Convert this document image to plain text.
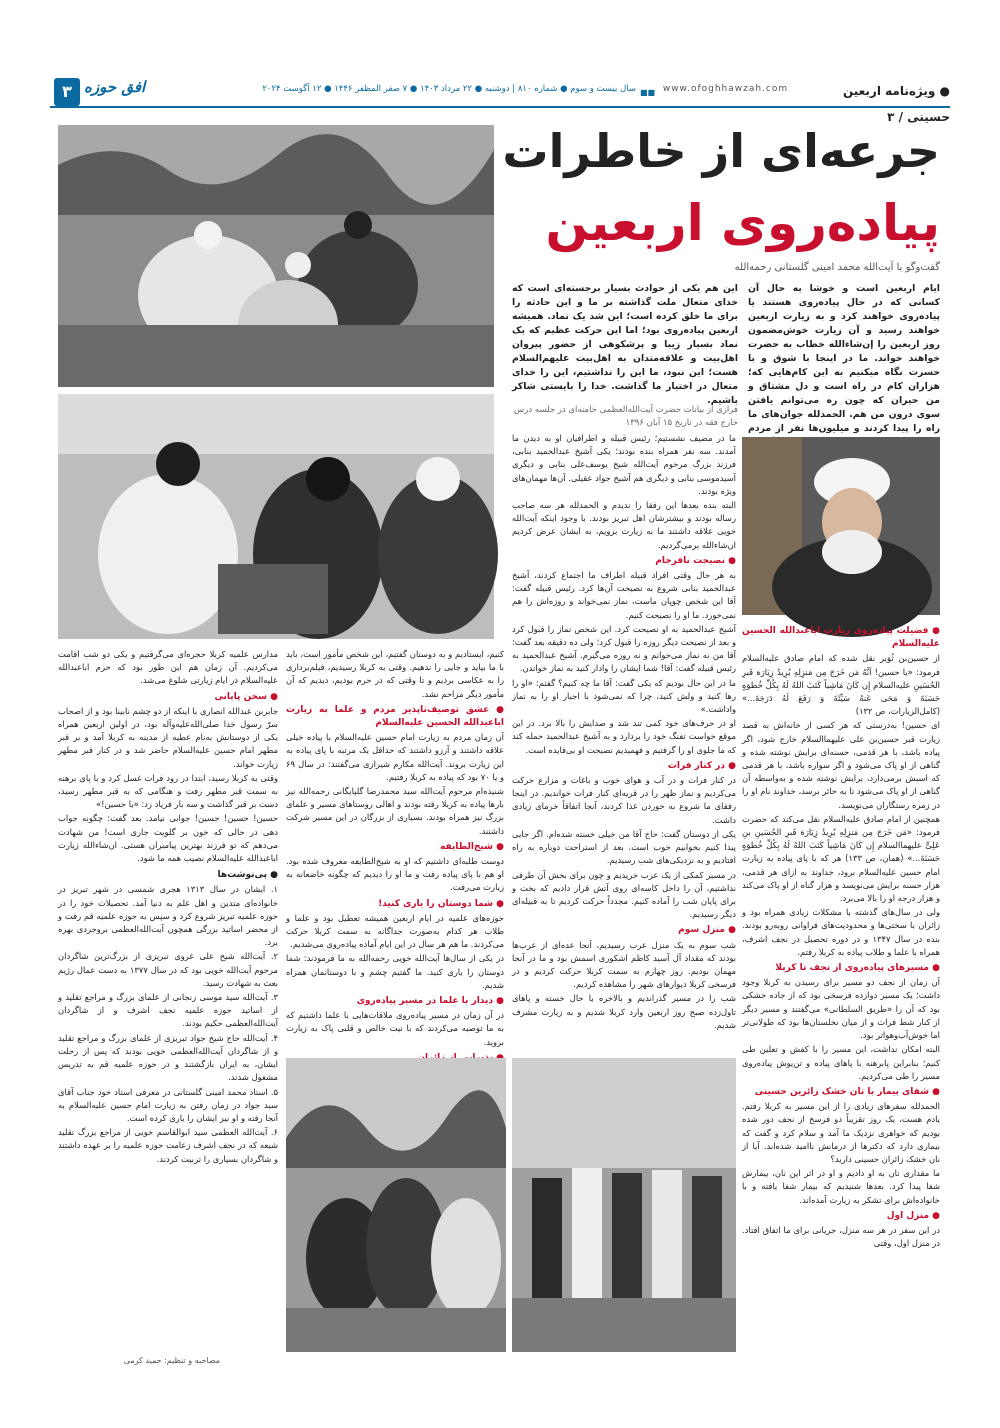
۳ افق حوزه	سال بیست و سوم ● شماره ۸۱۰ | دوشنبه ● ۲۲ مرداد ۱۴۰۳ ● ۷ صفر المظفر ۱۴۴۶ ● ۱۲ آگوست ۲۰۲۴ ■■ www.ofoghhawzah.com	● ویژه‌نامه اربعین حسینی / ۳
جرعه‌ای از خاطرات
پیاده‌روی اربعین
گفت‌وگو با آیت‌الله محمد امینی گلستانی رحمه‌الله
ایام اربعین است و خوشا به حال آن کسانی که در حال پیاده‌روی هستند یا پیاده‌روی خواهند کرد و به زیارت اربعین خواهند رسید و آن زیارت خوش‌مضمون روز اربعین را إن‌شاءالله خطاب به حضرت خواهند خواند. ما در اینجا با شوق و با حسرت نگاه میکنیم به این کام‌هایی که؛ هزاران کام در راه است و دل مشتاق و من حیران که چون ره می‌توانم یافتن سوی درون من هم. الحمدلله جوان‌های ما راه را پیدا کردند و میلیون‌ها نفر از مردم
این هم یکی از حوادث بسیار برجسته‌ای است که خدای متعال ملت گذاشته بر ما و این حادثه را برای ما خلق کرده است؛ این شد یک نماد. همیشه اربعین پیاده‌روی بود؛ اما این حرکت عظیم که یک نماد بسیار زیبا و پرشکوهی از حضور پیروان اهل‌بیت و علاقه‌مندان به اهل‌بیت علیهم‌السلام هست؛ این نبود، ما این را نداشتیم، این را خدای متعال در اختیار ما گذاشت. خدا را بایستی شاکر باشیم.
فرازی از بیانات حضرت آیت‌الله‌العظمی خامنه‌ای در جلسه درس خارج فقه در تاریخ ۱۵ آبان ۱۳۹۶
● فضیلت پیاده‌روی زیارت اباعبدالله الحسین علیه‌السلام

از حسین‌بن ثُوَیر نقل شده که امام صادق علیه‌السلام فرمود: «یا حسین! اَنَّهُ مَن خَرَجَ مِن مَنزِلِهِ یُرِیدُ زِیَارَهَ قَبرِ الحُسَینِ علیه‌السلام إِن کَانَ مَاشِیاً کَتَبَ اللهُ لَهُ بِکُلِّ خُطوَهٍ حَسَنَهً وَ مَحَی عَنهُ سَیِّئَهً وَ رَفَعَ لَهُ دَرَجَهً...» (کامل‌الزیارات، ص ۱۳۲)

ای حسین! به‌درستی که هر کسی از خانه‌اش به قصد زیارت قبر حسین‌بن علی علیهماالسلام خارج شود، اگر پیاده باشد، با هر قدمی، حسنه‌ای برایش نوشته شده و گناهی از او پاک می‌شود و اگر سواره باشد، با هر قدمی که اسبش برمی‌دارد، برایش نوشته شده و به‌واسطه آن گناهی از او پاک می‌شود تا به حائر برسد، خداوند نام او را در زمره رستگاران می‌نویسد.

همچنین از امام صادق علیه‌السلام نقل می‌کند که حضرت فرمود: «مَن خَرَجَ مِن مَنزِلِهِ یُرِیدُ زِیَارَهَ قَبرِ الحُسَینِ بنِ عَلِیٍّ علیهماالسلام إِن کَانَ مَاشِیاً کَتَبَ اللهُ لَهُ بِکُلِّ خُطوَهٍ حَسَنَهً...» (همان، ص ۱۳۳) هر که با پای پیاده به زیارت امام حسین علیه‌السلام برود، خداوند به ازای هر قدمی، هزار حسنه برایش می‌نویسد و هزار گناه از او پاک می‌کند و هزار درجه او را بالا می‌برد.

ولی در سال‌های گذشته با مشکلات زیادی همراه بود و زائران با سختی‌ها و محدودیت‌های فراوانی روبه‌رو بودند. بنده در سال ۱۳۴۷ و در دوره تحصیل در نجف اشرف، همراه با علما و طلاب پیاده به کربلا رفتم.

● مسیرهای پیاده‌روی از نجف تا کربلا

آن زمان از نجف دو مسیر برای رسیدن به کربلا وجود داشت؛ یک مسیر دوازده فرسخی بود که از جاده خشکی بود که آن را «طریق السلطانی» می‌گفتند و مسیر دیگر از کنار شط فرات و از میان نخلستان‌ها بود که طولانی‌تر اما خوش‌آب‌وهواتر بود.

البته امکان نداشت، این مسیر را با کفش و تعلین طی کنیم؛ بنابراین پابرهنه با پاهای پیاده و تن‌پوش پیاده‌روی مسیر را طی می‌کردیم.

● شفای بیمار با نان خشک زائرین حسینی

الحمدلله سفرهای زیادی را از این مسیر به کربلا رفتم. یادم هست، یک روز تقریباً دو فرسخ از نجف دور شده بودیم که خواهری نزدیک ما آمد و سلام کرد و گفت که بیماری دارد که دکترها از درمانش ناامید شده‌اند. آیا از نان خشک زائران حسینی دارید؟

ما مقداری نان به او دادیم و او در اثر این نان، بیمارش شفا پیدا کرد. بعدها شنیدیم که بیمار شفا یافته و با خانواده‌اش برای تشکر به زیارت آمده‌اند.

● منزل اول

در این سفر در هر سه منزل، جریانی برای ما اتفاق افتاد. در منزل اول، وقتی

ما در مضیف نشستیم؛ رئیس قبیله و اطرافیان او به دیدن ما آمدند. سه نفر همراه بنده بودند؛ یکی آشیخ عبدالحمید بنابی، فرزند بزرگ مرحوم آیت‌الله شیخ یوسف‌علی بنابی و دیگری آسیدموسی بنابی و دیگری هم آشیخ جواد عقیلی. آن‌ها مهمان‌های ویژه بودند.

البته بنده بعدها این رفقا را ندیدم و الحمدلله هر سه صاحب رساله بودند و بیشترشان اهل تبریز بودند. با وجود اینکه آیت‌الله خویی علاقه داشتند ما به زیارت برویم، به ایشان عرض کردیم ان‌شاءالله برمی‌گردیم.

● نصیحت نافرجام

به هر حال وقتی افراد قبیله اطراف ما اجتماع کردند، آشیخ عبدالحمید بنابی شروع به نصیحت آن‌ها کرد. رئیس قبیله گفت: آقا این شخص چوپان ماست، نماز نمی‌خواند و روزه‌اش را هم نمی‌خورد. ما او را نصیحت کنیم.

آشیخ عبدالحمید به او نصیحت کرد. این شخص نماز را قبول کرد و بعد از نصیحت دیگر روزه را قبول کرد؛ ولی ده دقیقه بعد گفت: آقا من نه نماز می‌خوانم و نه روزه می‌گیرم. آشیخ عبدالحمید به رئیس قبیله گفت: آقا! شما ایشان را وادار کنید به نماز خواندن.

ما در این حال بودیم که یکی گفت: آقا ما چه کنیم؟ گفتم: «او را رها کنید و ولش کنید، چرا که نمی‌شود با اجبار او را به نماز واداشت.»

او در حرف‌های خود کمی تند شد و صدایش را بالا برد. در این موقع خواست تفنگ خود را بردارد و به آشیخ عبدالحمید حمله کند که ما جلوی او را گرفتیم و فهمیدیم نصیحت او بی‌فایده است.

● در کنار فرات

در کنار فرات و در آب و هوای خوب و باغات و مزارع حرکت می‌کردیم و نماز ظهر را در قریه‌ای کنار فرات خواندیم. در اینجا رفقای ما شروع به خوردن غذا کردند، آنجا اتفاقاً خرمای زیادی داشت.

یکی از دوستان گفت: حاج آقا من خیلی خسته شده‌ام. اگر جایی پیدا کنیم بخوابیم خوب است. بعد از استراحت دوباره به راه افتادیم و به نزدیکی‌های شب رسیدیم.

در مسیر کمکی از یک عرب خریدیم و چون برای بخش آن طرفی نداشتیم، آن را داخل کاسه‌ای روی آتش قرار دادیم که بخت و برای پایان شب را آماده کنیم. مجدداً حرکت کردیم تا به قبیله‌ای دیگر رسیدیم.

● منزل سوم

شب سوم به یک منزل عرب رسیدیم، آنجا عده‌ای از عرب‌ها بودند که مقداد آل آسید کاظم اشکوری اسمش بود و ما در آنجا مهمان بودیم. روز چهارم به سمت کربلا حرکت کردیم و در فرسخی کربلا دیوارهای شهر را مشاهده کردیم.

شب را در مسیر گذراندیم و بالاخره با حال خسته و پاهای تاول‌زده صبح روز اربعین وارد کربلا شدیم و به زیارت مشرف شدیم.

کنیم، ایستادیم و به دوستان گفتیم، این شخص مأمور است، باید با ما بیاید و جایی را ندهیم. وقتی به کربلا رسیدیم، فیلم‌برداری را به عکاسی بردیم و تا وقتی که در حرم بودیم، دیدیم که آن مأمور دیگر مزاحم نشد.

● عشق توصیف‌ناپذیر مردم و علما به زیارت اباعبدالله الحسین علیه‌السلام

آن زمان مردم به زیارت امام حسین علیه‌السلام با پیاده خیلی علاقه داشتند و آرزو داشتند که حداقل یک مرتبه با پای پیاده به این زیارت بروند. آیت‌الله مکارم شیرازی می‌گفتند: در سال ۶۹ و یا ۷۰ بود که پیاده به کربلا رفتیم.

شنیده‌ام مرحوم آیت‌الله سید محمدرضا گلپایگانی رحمه‌الله نیز بارها پیاده به کربلا رفته بودند و اهالی روستاهای مسیر و علمای بزرگ نیز همراه بودند. بسیاری از بزرگان در این مسیر شرکت داشتند.

● شیخ‌الطایفه

دوست طلبه‌ای داشتیم که او به شیخ‌الطایفه معروف شده بود. او هم با پای پیاده رفت و ما او را دیدیم که چگونه خاضعانه به زیارت می‌رفت.

● شما دوستان را یاری کنید!

حوزه‌های علمیه در ایام اربعین همیشه تعطیل بود و علما و طلاب هر کدام به‌صورت جداگانه به سمت کربلا حرکت می‌کردند. ما هم هر سال در این ایام آماده پیاده‌روی می‌شدیم.

در یکی از سال‌ها آیت‌الله خویی رحمه‌الله به ما فرمودند: شما دوستان را یاری کنید. ما گفتیم چشم و با دوستانمان همراه شدیم.

● دیدار با علما در مسیر پیاده‌روی

در آن زمان در مسیر پیاده‌روی ملاقات‌هایی با علما داشتیم که به ما توصیه می‌کردند که با نیت خالص و قلبی پاک به زیارت بروید.

مدارس علمیه کربلا حجره‌ای می‌گرفتیم و یکی دو شب اقامت می‌کردیم. آن زمان هم این طور بود که حرم اباعبدالله علیه‌السلام در ایام زیارتی شلوغ می‌شد.

● سخن پایانی

جابربن عبدالله انصاری با اینکه از دو چشم نابینا بود و از اصحاب سرّ رسول خدا صلی‌الله‌علیه‌وآله بود، در اولین اربعین همراه یکی از دوستانش به‌نام عطیه از مدینه به کربلا آمد و بر قبر مطهر امام حسین علیه‌السلام حاضر شد و در کنار قبر مطهر زیارت خواند.

وقتی به کربلا رسید، ابتدا در رود فرات غسل کرد و با پای برهنه به سمت قبر مطهر رفت و هنگامی که به قبر مطهر رسید، دست بر قبر گذاشت و سه بار فریاد زد: «یا حسین!»

حسین! حسین! حسین! جوابی نیامد. بعد گفت: چگونه جواب دهی در حالی که خون بر گلویت جاری است! من شهادت می‌دهم که تو فرزند بهترین پیامبران هستی. ان‌شاءالله زیارت اباعبدالله علیه‌السلام نصیب همه ما شود.

● پی‌نوشت‌ها

۱. ایشان در سال ۱۳۱۳ هجری شمسی در شهر تبریز در خانواده‌ای متدین و اهل علم به دنیا آمد. تحصیلات خود را در حوزه علمیه تبریز شروع کرد و سپس به حوزه علمیه قم رفت و از محضر اساتید بزرگی همچون آیت‌الله‌العظمی بروجردی بهره برد.

۲. آیت‌الله شیخ علی غروی تبریزی از بزرگ‌ترین شاگردان مرحوم آیت‌الله خویی بود که در سال ۱۳۷۷ به دست عمال رژیم بعث به شهادت رسید.

۳. آیت‌الله سید موسی زنجانی از علمای بزرگ و مراجع تقلید و از اساتید حوزه علمیه نجف اشرف و از شاگردان آیت‌الله‌العظمی حکیم بودند.

۴. آیت‌الله حاج شیخ جواد تبریزی از علمای بزرگ و مراجع تقلید و از شاگردان آیت‌الله‌العظمی خویی بودند که پس از رحلت ایشان، به ایران بازگشتند و در حوزه علمیه قم به تدریس مشغول شدند.

۵. استاد محمد امینی گلستانی در معرفی استاد خود جناب آقای سید جواد در زمان رفتن به زیارت امام حسین علیه‌السلام به آنجا رفته و او نیز ایشان را یاری کرده است.

۶. آیت‌الله العظمی سید ابوالقاسم خویی از مراجع بزرگ تقلید شیعه که در نجف اشرف زعامت حوزه علمیه را بر عهده داشتند و شاگردان بسیاری را تربیت کردند.

مصاحبه و تنظیم: حمید کرمی
